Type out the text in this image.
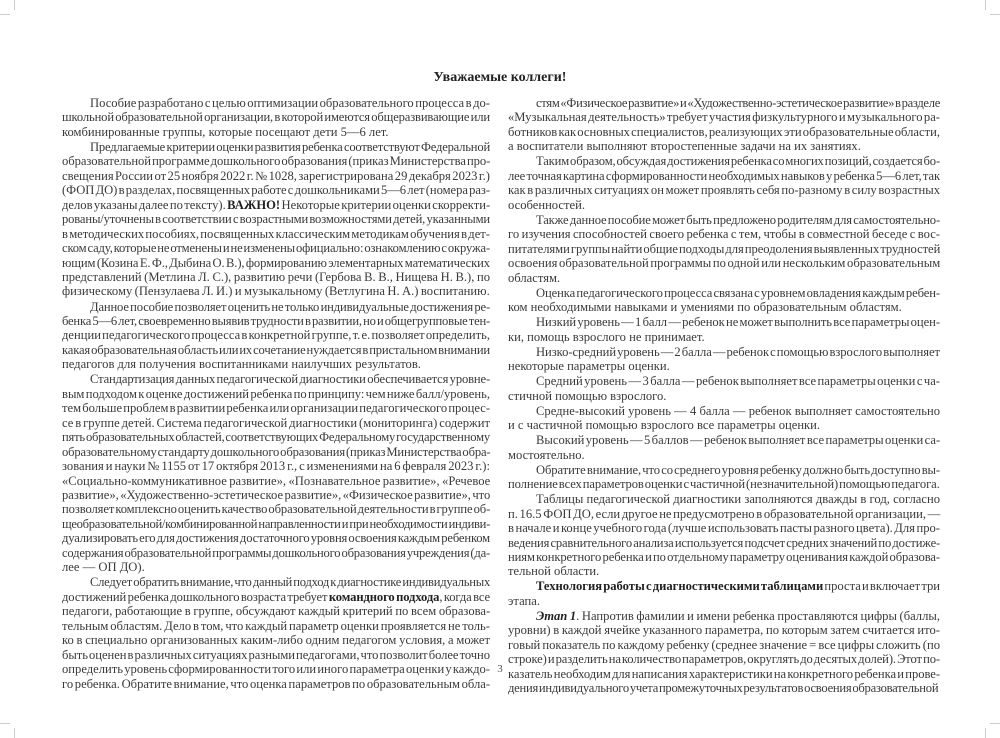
Уважаемые коллеги!
Пособие разработано с целью оптимизации образовательного процесса в до-
школьной образовательной организации, в которой имеются общеразвивающие или
комбинированные группы, которые посещают дети 5—6 лет.
Предлагаемые критерии оценки развития ребенка соответствуют Федеральной
образовательной программе дошкольного образования (приказ Министерства про-
свещения России от 25 ноября 2022 г. № 1028, зарегистрирована 29 декабря 2023 г.)
(ФОП ДО) в разделах, посвященных работе с дошкольниками 5—6 лет (номера раз-
делов указаны далее по тексту). ВАЖНО! Некоторые критерии оценки скорректи-
рованы/уточнены в соответствии с возрастными возможностями детей, указанными
в методических пособиях, посвященных классическим методикам обучения в дет-
ском саду, которые не отменены и не изменены официально: ознакомлению с окружа-
ющим (Козина Е. Ф., Дыбина О. В.), формированию элементарных математических
представлений (Метлина Л. С.), развитию речи (Гербова В. В., Нищева Н. В.), по
физическому (Пензулаева Л. И.) и музыкальному (Ветлугина Н. А.) воспитанию.
Данное пособие позволяет оценить не только индивидуальные достижения ре-
бенка 5—6 лет, своевременно выявив трудности в развитии, но и общегрупповые тен-
денции педагогического процесса в конкретной группе, т. е. позволяет определить,
какая образовательная область или их сочетание нуждается в пристальном внимании
педагогов для получения воспитанниками наилучших результатов.
Стандартизация данных педагогической диагностики обеспечивается уровне-
вым подходом к оценке достижений ребенка по принципу: чем ниже балл/уровень,
тем больше проблем в развитии ребенка или организации педагогического процес-
се в группе детей. Система педагогической диагностики (мониторинга) содержит
пять образовательных областей, соответствующих Федеральному государственному
образовательному стандарту дошкольного образования (приказ Министерства обра-
зования и науки № 1155 от 17 октября 2013 г., с изменениями на 6 февраля 2023 г.):
«Социально-коммуникативное развитие», «Познавательное развитие», «Речевое
развитие», «Художественно-эстетическое развитие», «Физическое развитие», что
позволяет комплексно оценить качество образовательной деятельности в группе об-
щеобразовательной/комбинированной направленности и при необходимости индиви-
дуализировать его для достижения достаточного уровня освоения каждым ребенком
содержания образовательной программы дошкольного образования учреждения (да-
лее — ОП ДО).
Следует обратить внимание, что данный подход к диагностике индивидуальных
достижений ребенка дошкольного возраста требует командного подхода, когда все
педагоги, работающие в группе, обсуждают каждый критерий по всем образова-
тельным областям. Дело в том, что каждый параметр оценки проявляется не толь-
ко в специально организованных каким-либо одним педагогом условия, а может
быть оценен в различных ситуациях разными педагогами, что позволит более точно
определить уровень сформированности того или иного параметра оценки у каждо-
го ребенка. Обратите внимание, что оценка параметров по образовательным обла-
стям «Физическое развитие» и «Художественно-эстетическое развитие» в разделе
«Музыкальная деятельность» требует участия физкультурного и музыкального ра-
ботников как основных специалистов, реализующих эти образовательные области,
а воспитатели выполняют второстепенные задачи на их занятиях.
Таким образом, обсуждая достижения ребенка со многих позиций, создается бо-
лее точная картина сформированности необходимых навыков у ребенка 5—6 лет, так
как в различных ситуациях он может проявлять себя по-разному в силу возрастных
особенностей.
Также данное пособие может быть предложено родителям для самостоятельно-
го изучения способностей своего ребенка с тем, чтобы в совместной беседе с вос-
питателями группы найти общие подходы для преодоления выявленных трудностей
освоения образовательной программы по одной или нескольким образовательным
областям.
Оценка педагогического процесса связана с уровнем овладения каждым ребен-
ком необходимыми навыками и умениями по образовательным областям.
Низкий уровень — 1 балл — ребенок не может выполнить все параметры оцен-
ки, помощь взрослого не принимает.
Низко-средний уровень — 2 балла — ребенок с помощью взрослого выполняет
некоторые параметры оценки.
Средний уровень — 3 балла — ребенок выполняет все параметры оценки с ча-
стичной помощью взрослого.
Средне-высокий уровень — 4 балла — ребенок выполняет самостоятельно
и с частичной помощью взрослого все параметры оценки.
Высокий уровень — 5 баллов — ребенок выполняет все параметры оценки са-
мостоятельно.
Обратите внимание, что со среднего уровня ребенку должно быть доступно вы-
полнение всех параметров оценки с частичной (незначительной) помощью педагога.
Таблицы педагогической диагностики заполняются дважды в год, согласно
п. 16.5 ФОП ДО, если другое не предусмотрено в образовательной организации, —
в начале и конце учебного года (лучше использовать пасты разного цвета). Для про-
ведения сравнительного анализа используется подсчет средних значений по достиже-
ниям конкретного ребенка и по отдельному параметру оценивания каждой образова-
тельной области.
Технология работы с диагностическими таблицами проста и включает три
этапа.
Этап 1. Напротив фамилии и имени ребенка проставляются цифры (баллы,
уровни) в каждой ячейке указанного параметра, по которым затем считается ито-
говый показатель по каждому ребенку (среднее значение = все цифры сложить (по
строке) и разделить на количество параметров, округлять до десятых долей). Этот по-
казатель необходим для написания характеристики на конкретного ребенка и прове-
дения индивидуального учета промежуточных результатов освоения образовательной
3
